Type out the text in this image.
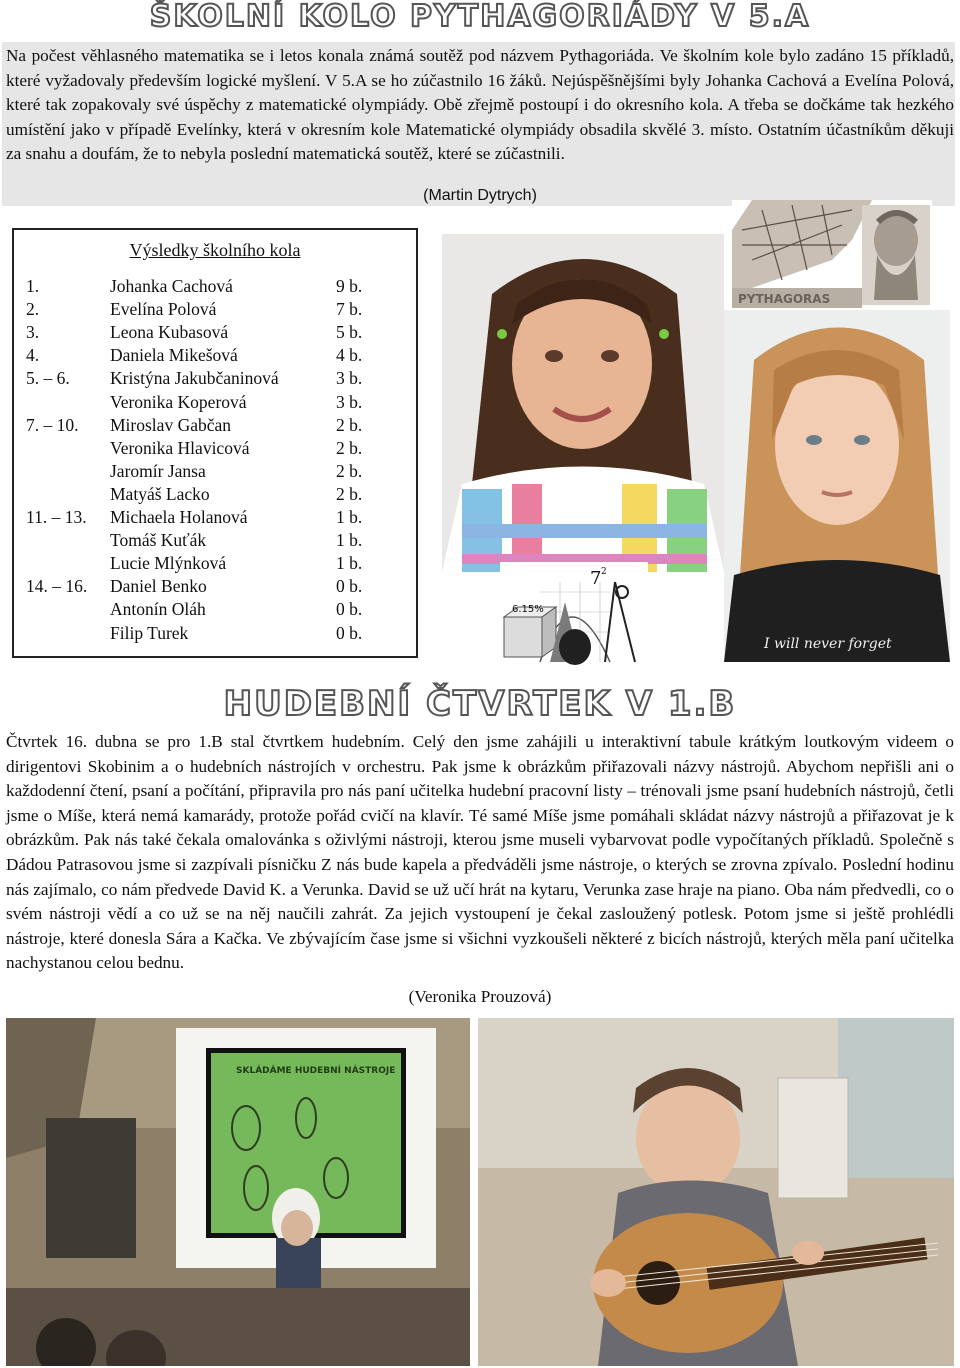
ŠKOLNÍ KOLO PYTHAGORIÁDY V 5.A
Na počest věhlasného matematika se i letos konala známá soutěž pod názvem Pythagoriáda. Ve školním kole bylo zadáno 15 příkladů, které vyžadovaly především logické myšlení. V 5.A se ho zúčastnilo 16 žáků. Nejúspěšnějšími byly Johanka Cachová a Evelína Polová, které tak zopakovaly své úspěchy z matematické olympiády. Obě zřejmě postoupí i do okresního kola. A třeba se dočkáme tak hezkého umístění jako v případě Evelínky, která v okresním kole Matematické olympiády obsadila skvělé 3. místo. Ostatním účastníkům děkuji za snahu a doufám, že to nebyla poslední matematická soutěž, které se zúčastnili.
(Martin Dytrych)
Výsledky školního kola
1.	Johanka Cachová	9 b.
2.	Evelína Polová	7 b.
3.	Leona Kubasová	5 b.
4.	Daniela Mikešová	4 b.
5. – 6. Kristýna Jakubčaninová	3 b.
Veronika Koperová	3 b.
7. – 10. Miroslav Gabčan	2 b.
Veronika Hlavicová	2 b.
Jaromír Jansa	2 b.
Matyáš Lacko	2 b.
11. – 13. Michaela Holanová	1 b.
Tomáš Kuťák	1 b.
Lucie Mlýnková	1 b.
14. – 16. Daniel Benko	0 b.
Antonín Oláh	0 b.
Filip Turek	0 b.
PYTHAGORAS
I will never forget
6.15%
7 2
HUDEBNÍ ČTVRTEK V 1.B
Čtvrtek 16. dubna se pro 1.B stal čtvrtkem hudebním. Celý den jsme zahájili u interaktivní tabule krátkým loutkovým videem o dirigentovi Skobinim a o hudebních nástrojích v orchestru. Pak jsme k obrázkům přiřazovali názvy nástrojů. Abychom nepřišli ani o každodenní čtení, psaní a počítání, připravila pro nás paní učitelka hudební pracovní listy – trénovali jsme psaní hudebních nástrojů, četli jsme o Míše, která nemá kamarády, protože pořád cvičí na klavír. Té samé Míše jsme pomáhali skládat názvy nástrojů a přiřazovat je k obrázkům. Pak nás také čekala omalovánka s oživlými nástroji, kterou jsme museli vybarvovat podle vypočítaných příkladů. Společně s Dádou Patrasovou jsme si zazpívali písničku Z nás bude kapela a předváděli jsme nástroje, o kterých se zrovna zpívalo. Poslední hodinu nás zajímalo, co nám předvede David K. a Verunka. David se už učí hrát na kytaru, Verunka zase hraje na piano. Oba nám předvedli, co o svém nástroji vědí a co už se na něj naučili zahrát. Za jejich vystoupení je čekal zasloužený potlesk. Potom jsme si ještě prohlédli nástroje, které donesla Sára a Kačka. Ve zbývajícím čase jsme si všichni vyzkoušeli některé z bicích nástrojů, kterých měla paní učitelka nachystanou celou bednu.
(Veronika Prouzová)
SKLÁDÁME HUDEBNÍ NÁSTROJE
